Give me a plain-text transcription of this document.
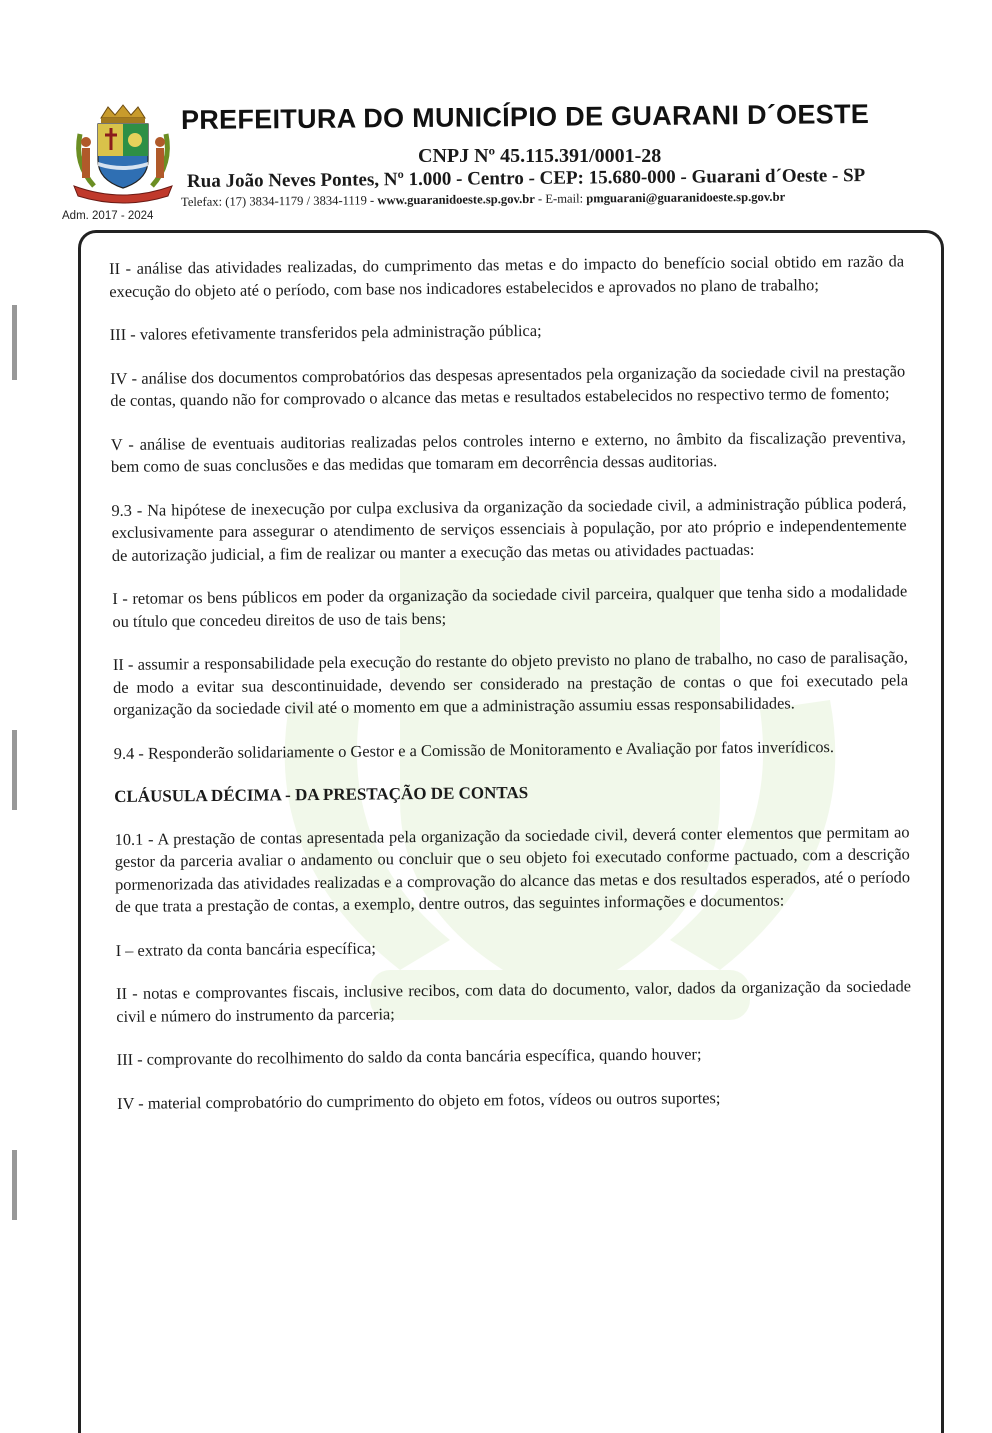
Adm. 2017 - 2024
PREFEITURA DO MUNICÍPIO DE GUARANI D´OESTE
CNPJ Nº 45.115.391/0001-28
Rua João Neves Pontes, Nº 1.000 - Centro - CEP: 15.680-000 - Guarani d´Oeste - SP
Telefax: (17) 3834-1179 / 3834-1119 - www.guaranidoeste.sp.gov.br - E-mail: pmguarani@guaranidoeste.sp.gov.br

II - análise das atividades realizadas, do cumprimento das metas e do impacto do benefício social obtido em razão da execução do objeto até o período, com base nos indicadores estabelecidos e aprovados no plano de trabalho;

III - valores efetivamente transferidos pela administração pública;

IV - análise dos documentos comprobatórios das despesas apresentados pela organização da sociedade civil na prestação de contas, quando não for comprovado o alcance das metas e resultados estabelecidos no respectivo termo de fomento;

V - análise de eventuais auditorias realizadas pelos controles interno e externo, no âmbito da fiscalização preventiva, bem como de suas conclusões e das medidas que tomaram em decorrência dessas auditorias.

9.3 - Na hipótese de inexecução por culpa exclusiva da organização da sociedade civil, a administração pública poderá, exclusivamente para assegurar o atendimento de serviços essenciais à população, por ato próprio e independentemente de autorização judicial, a fim de realizar ou manter a execução das metas ou atividades pactuadas:

I - retomar os bens públicos em poder da organização da sociedade civil parceira, qualquer que tenha sido a modalidade ou título que concedeu direitos de uso de tais bens;

II - assumir a responsabilidade pela execução do restante do objeto previsto no plano de trabalho, no caso de paralisação, de modo a evitar sua descontinuidade, devendo ser considerado na prestação de contas o que foi executado pela organização da sociedade civil até o momento em que a administração assumiu essas responsabilidades.

9.4 - Responderão solidariamente o Gestor e a Comissão de Monitoramento e Avaliação por fatos inverídicos.

CLÁUSULA DÉCIMA - DA PRESTAÇÃO DE CONTAS

10.1 - A prestação de contas apresentada pela organização da sociedade civil, deverá conter elementos que permitam ao gestor da parceria avaliar o andamento ou concluir que o seu objeto foi executado conforme pactuado, com a descrição pormenorizada das atividades realizadas e a comprovação do alcance das metas e dos resultados esperados, até o período de que trata a prestação de contas, a exemplo, dentre outros, das seguintes informações e documentos:

I – extrato da conta bancária específica;

II - notas e comprovantes fiscais, inclusive recibos, com data do documento, valor, dados da organização da sociedade civil e número do instrumento da parceria;

III - comprovante do recolhimento do saldo da conta bancária específica, quando houver;

IV - material comprobatório do cumprimento do objeto em fotos, vídeos ou outros suportes;
